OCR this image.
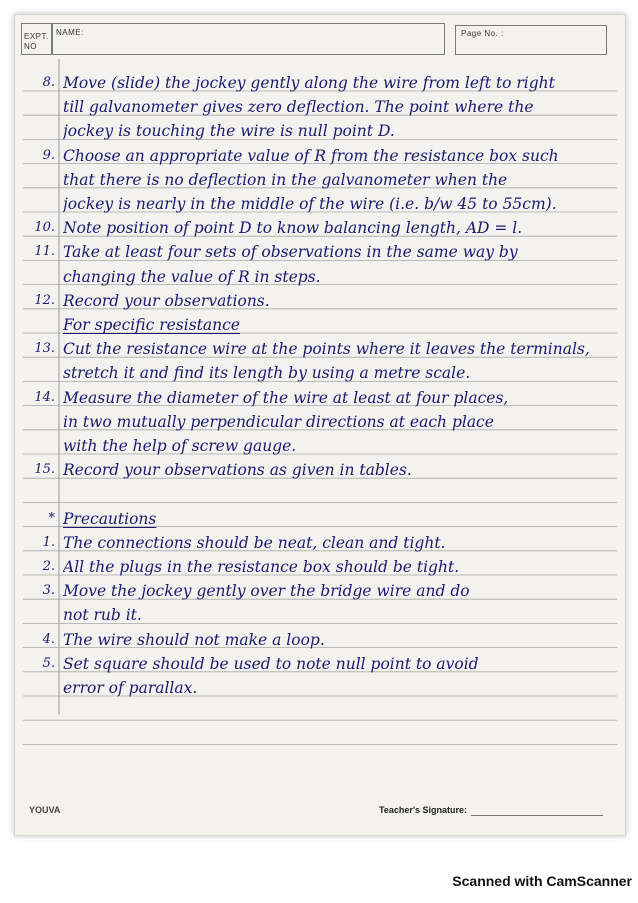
EXPT.
NO
NAME:	Page No. :
8. Move (slide) the jockey gently along the wire from left to right
till galvanometer gives zero deflection. The point where the
jockey is touching the wire is null point D.
9. Choose an appropriate value of R from the resistance box such
that there is no deflection in the galvanometer when the
jockey is nearly in the middle of the wire (i.e. b/w 45 to 55cm).
10. Note position of point D to know balancing length, AD = l.
11. Take at least four sets of observations in the same way by
changing the value of R in steps.
12. Record your observations.
For specific resistance
13. Cut the resistance wire at the points where it leaves the terminals,
stretch it and find its length by using a metre scale.
14. Measure the diameter of the wire at least at four places,
in two mutually perpendicular directions at each place
with the help of screw gauge.
15. Record your observations as given in tables.
* Precautions
1. The connections should be neat, clean and tight.
2. All the plugs in the resistance box should be tight.
3. Move the jockey gently over the bridge wire and do
not rub it.
4. The wire should not make a loop.
5. Set square should be used to note null point to avoid
error of parallax.
YOUVA	Teacher's Signature:
Scanned with CamScanner
